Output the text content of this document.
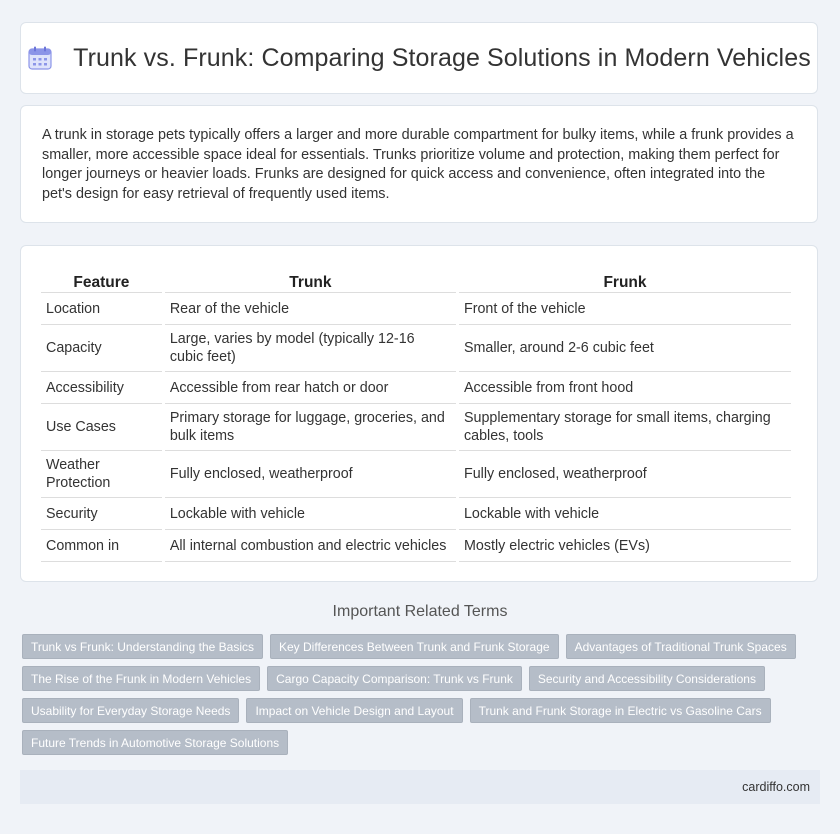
Trunk vs. Frunk: Comparing Storage Solutions in Modern Vehicles

A trunk in storage pets typically offers a larger and more durable compartment for bulky items, while a frunk provides a smaller, more accessible space ideal for essentials. Trunks prioritize volume and protection, making them perfect for longer journeys or heavier loads. Frunks are designed for quick access and convenience, often integrated into the pet's design for easy retrieval of frequently used items.

Feature	Trunk	Frunk
Location	Rear of the vehicle	Front of the vehicle
Capacity	Large, varies by model (typically 12-16 cubic feet)	Smaller, around 2-6 cubic feet
Accessibility	Accessible from rear hatch or door	Accessible from front hood
Use Cases	Primary storage for luggage, groceries, and bulk items	Supplementary storage for small items, charging cables, tools
Weather Protection	Fully enclosed, weatherproof	Fully enclosed, weatherproof
Security	Lockable with vehicle	Lockable with vehicle
Common in	All internal combustion and electric vehicles	Mostly electric vehicles (EVs)
Important Related Terms
Trunk vs Frunk: Understanding the Basics	Key Differences Between Trunk and Frunk Storage	Advantages of Traditional Trunk Spaces
The Rise of the Frunk in Modern Vehicles	Cargo Capacity Comparison: Trunk vs Frunk	Security and Accessibility Considerations
Usability for Everyday Storage Needs	Impact on Vehicle Design and Layout	Trunk and Frunk Storage in Electric vs Gasoline Cars
Future Trends in Automotive Storage Solutions
cardiffo.com
